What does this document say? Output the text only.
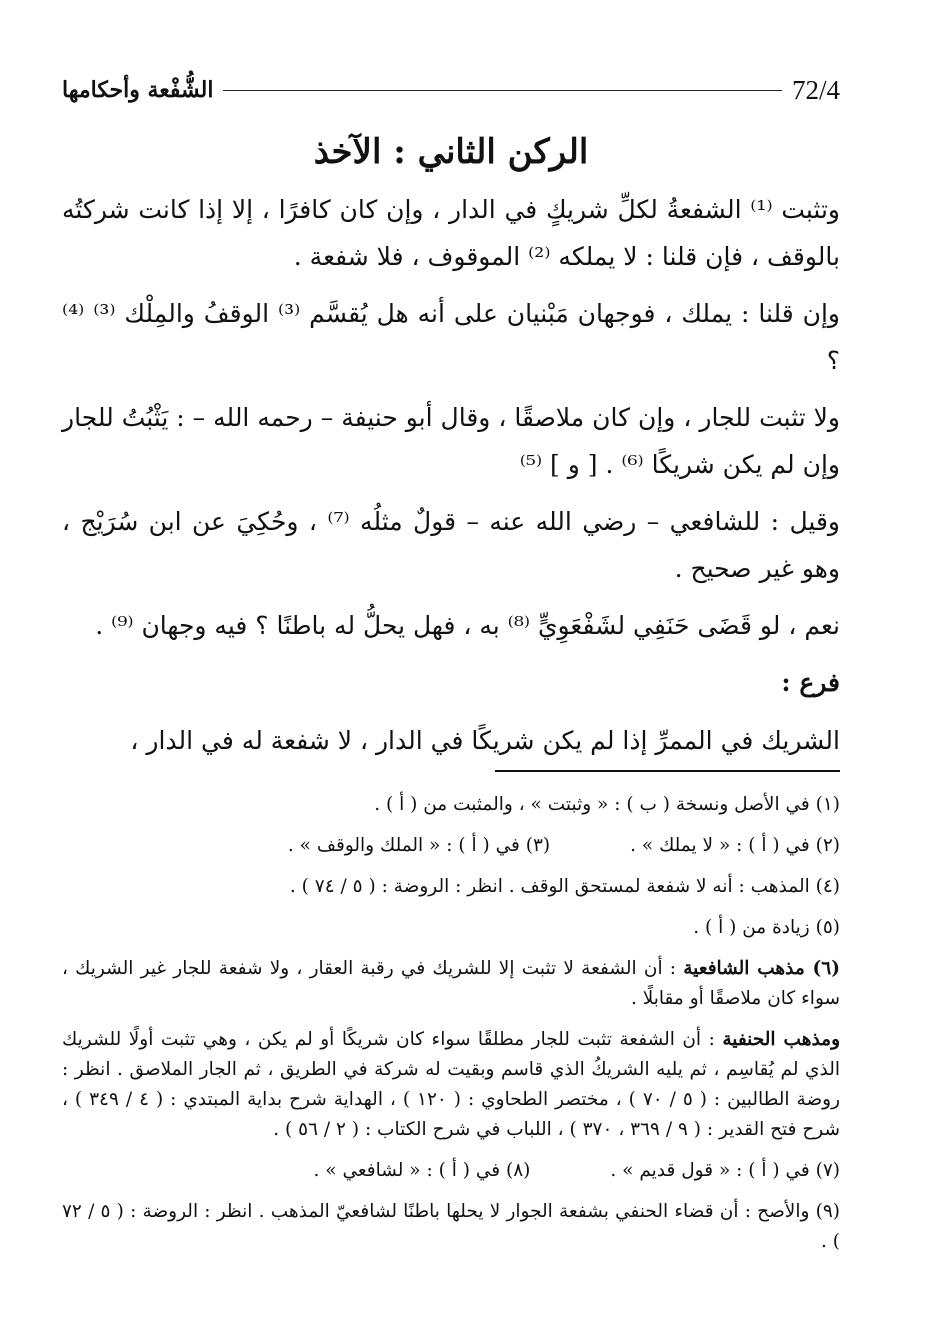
الشُّفْعة وأحكامها	72/4
الركن الثاني : الآخذ

وتثبت ⁽¹⁾ الشفعةُ لكلِّ شريكٍ في الدار ، وإن كان كافرًا ، إلا إذا كانت شركتُه بالوقف ، فإن قلنا : لا يملكه ⁽²⁾ الموقوف ، فلا شفعة .

وإن قلنا : يملك ، فوجهان مَبْنيان على أنه هل يُقسَّم ⁽³⁾ الوقفُ والمِلْك ⁽³⁾ ⁽⁴⁾ ؟

ولا تثبت للجار ، وإن كان ملاصقًا ، وقال أبو حنيفة – رحمه الله – : يَثْبُتُ للجار وإن لم يكن شريكًا ⁽⁶⁾ . [ و ] ⁽⁵⁾

وقيل : للشافعي – رضي الله عنه – قولٌ مثلُه ⁽⁷⁾ ، وحُكِيَ عن ابن سُرَيْج ، وهو غير صحيح .

نعم ، لو قَضَى حَنَفِي لشَفْعَوِيٍّ ⁽⁸⁾ به ، فهل يحلُّ له باطنًا ؟ فيه وجهان ⁽⁹⁾ .

فرع :

الشريك في الممرِّ إذا لم يكن شريكًا في الدار ، لا شفعة له في الدار ،

(١) في الأصل ونسخة ( ب ) : « وثبتت » ، والمثبت من ( أ ) .

(٢) في ( أ ) : « لا يملك » .
(٣) في ( أ ) : « الملك والوقف » .

(٤) المذهب : أنه لا شفعة لمستحق الوقف . انظر : الروضة : ( ٥ / ٧٤ ) .

(٥) زيادة من ( أ ) .

(٦) مذهب الشافعية : أن الشفعة لا تثبت إلا للشريك في رقبة العقار ، ولا شفعة للجار غير الشريك ، سواء كان ملاصقًا أو مقابلًا .

ومذهب الحنفية : أن الشفعة تثبت للجار مطلقًا سواء كان شريكًا أو لم يكن ، وهي تثبت أولًا للشريك الذي لم يُقاسِم ، ثم يليه الشريكُ الذي قاسم وبقيت له شركة في الطريق ، ثم الجار الملاصق . انظر : روضة الطالبين : ( ٥ / ٧٠ ) ، مختصر الطحاوي : ( ١٢٠ ) ، الهداية شرح بداية المبتدي : ( ٤ / ٣٤٩ ) ، شرح فتح القدير : ( ٩ / ٣٦٩ ، ٣٧٠ ) ، اللباب في شرح الكتاب : ( ٢ / ٥٦ ) .

(٧) في ( أ ) : « قول قديم » .
(٨) في ( أ ) : « لشافعي » .

(٩) والأصح : أن قضاء الحنفي بشفعة الجوار لا يحلها باطنًا لشافعيّ المذهب . انظر : الروضة : ( ٥ / ٧٢ ) .
